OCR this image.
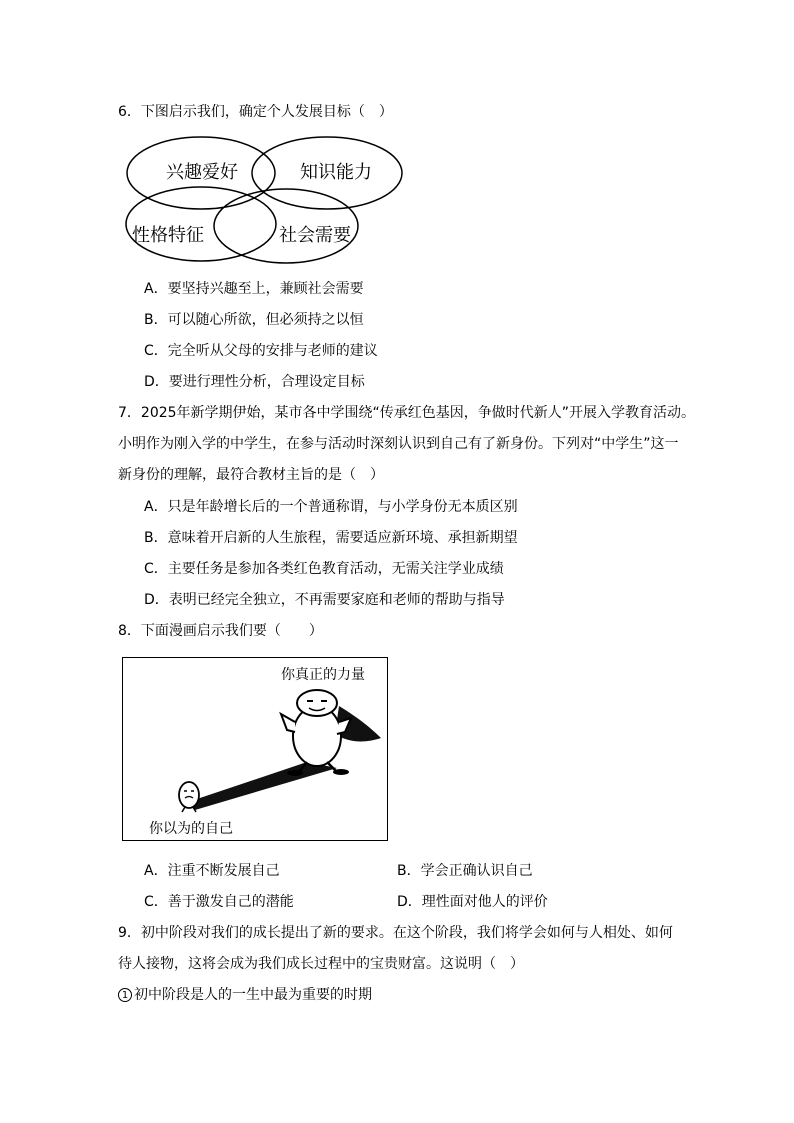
6．下图启示我们，确定个人发展目标（　）
兴趣爱好	知识能力
性格特征	社会需要
A．要坚持兴趣至上，兼顾社会需要
B．可以随心所欲，但必须持之以恒
C．完全听从父母的安排与老师的建议
D．要进行理性分析，合理设定目标
7．2025年新学期伊始，某市各中学围绕“传承红色基因，争做时代新人”开展入学教育活动。
小明作为刚入学的中学生，在参与活动时深刻认识到自己有了新身份。下列对“中学生”这一
新身份的理解，最符合教材主旨的是（　）
A．只是年龄增长后的一个普通称谓，与小学身份无本质区别
B．意味着开启新的人生旅程，需要适应新环境、承担新期望
C．主要任务是参加各类红色教育活动，无需关注学业成绩
D．表明已经完全独立，不再需要家庭和老师的帮助与指导
8．下面漫画启示我们要（　　）
你真正的力量
你以为的自己
A．注重不断发展自己	B．学会正确认识自己
C．善于激发自己的潜能	D．理性面对他人的评价
9．初中阶段对我们的成长提出了新的要求。在这个阶段，我们将学会如何与人相处、如何
待人接物，这将会成为我们成长过程中的宝贵财富。这说明（　）
1 初中阶段是人的一生中最为重要的时期
